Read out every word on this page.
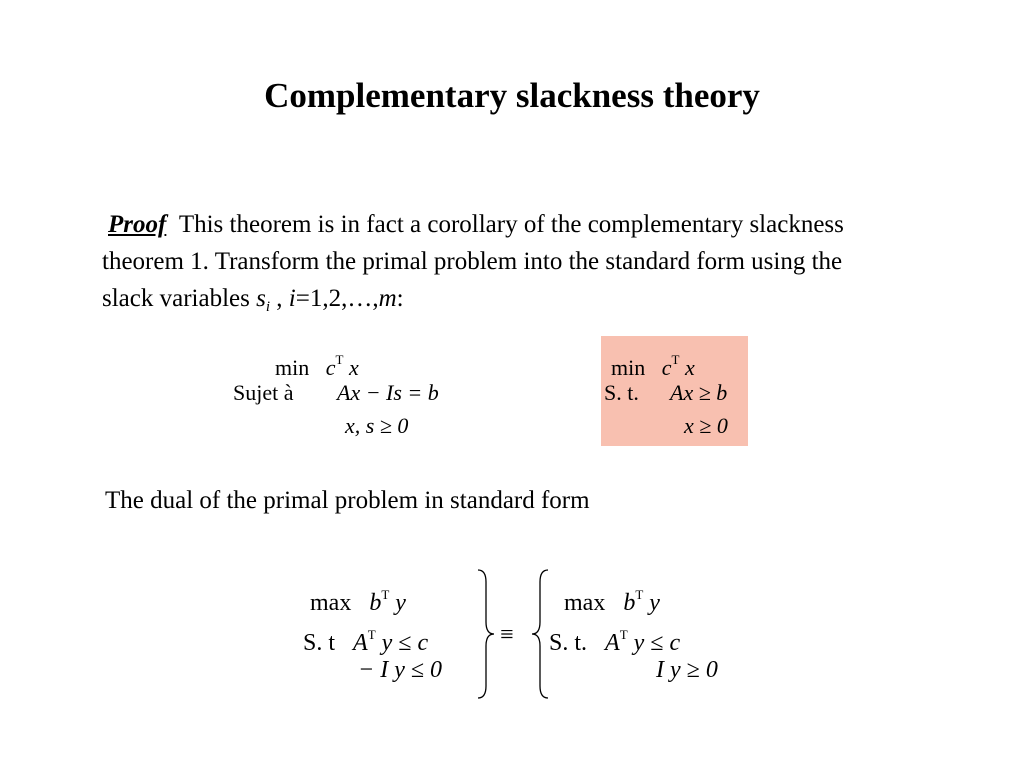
Complementary slackness theory
Proof This theorem is in fact a corollary of the complementary slackness
theorem 1. Transform the primal problem into the standard form using the
slack variables $s_i$ , i=1,2,…,m:
$\min c^T$ x
Sujet à Ax − Is = b
x, s ≥ 0
$\min c^T$ x
S. t. Ax ≥ b
x ≥ 0
The dual of the primal problem in standard form
$\max b^T$ y
S. t $A^T$ y ≤ c
− I y ≤ 0
≡
$\max b^T$ y
S. t. $A^T$ y ≤ c
I y ≥ 0
